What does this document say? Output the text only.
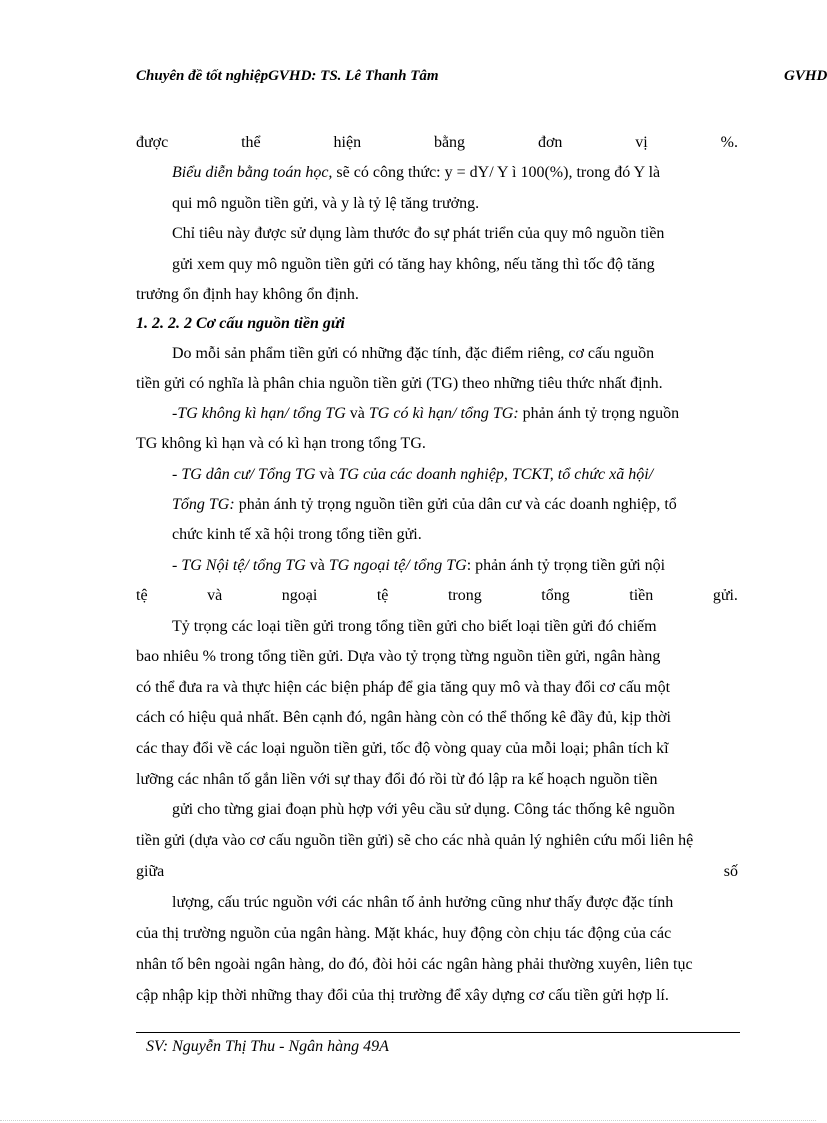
Chuyên đề tốt nghiệpGVHD: TS. Lê Thanh Tâm	GVHD
được	thể	hiện	bằng	đơn	vị	%.
Biểu diễn bằng toán học, sẽ có công thức: y = dY/ Y ì 100(%), trong đó Y là
qui mô nguồn tiền gửi, và y là tỷ lệ tăng trưởng.
Chỉ tiêu này được sử dụng làm thước đo sự phát triển của quy mô nguồn tiền
gửi xem quy mô nguồn tiền gửi có tăng hay không, nếu tăng thì tốc độ tăng
trưởng ổn định hay không ổn định.
1. 2. 2. 2 Cơ cấu nguồn tiền gửi
Do mỗi sản phẩm tiền gửi có những đặc tính, đặc điểm riêng, cơ cấu nguồn
tiền gửi có nghĩa là phân chia nguồn tiền gửi (TG) theo những tiêu thức nhất định.
-TG không kì hạn/ tổng TG và TG có kì hạn/ tổng TG: phản ánh tỷ trọng nguồn
TG không kì hạn và có kì hạn trong tổng TG.
- TG dân cư/ Tổng TG và TG của các doanh nghiệp, TCKT, tổ chức xã hội/
Tổng TG: phản ánh tỷ trọng nguồn tiền gửi của dân cư và các doanh nghiệp, tổ
chức kinh tế xã hội trong tổng tiền gửi.
- TG Nội tệ/ tổng TG và TG ngoại tệ/ tổng TG: phản ánh tỷ trọng tiền gửi nội
tệ	và	ngoại	tệ	trong	tổng	tiền	gửi.
Tỷ trọng các loại tiền gửi trong tổng tiền gửi cho biết loại tiền gửi đó chiếm
bao nhiêu % trong tổng tiền gửi. Dựa vào tỷ trọng từng nguồn tiền gửi, ngân hàng
có thể đưa ra và thực hiện các biện pháp để gia tăng quy mô và thay đổi cơ cấu một
cách có hiệu quả nhất. Bên cạnh đó, ngân hàng còn có thể thống kê đầy đủ, kịp thời
các thay đổi về các loại nguồn tiền gửi, tốc độ vòng quay của mỗi loại; phân tích kĩ
lưỡng các nhân tố gắn liền với sự thay đổi đó rồi từ đó lập ra kế hoạch nguồn tiền
gửi cho từng giai đoạn phù hợp với yêu cầu sử dụng. Công tác thống kê nguồn
tiền gửi (dựa vào cơ cấu nguồn tiền gửi) sẽ cho các nhà quản lý nghiên cứu mối liên hệ
giữa	số
lượng, cấu trúc nguồn với các nhân tố ảnh hưởng cũng như thấy được đặc tính
của thị trường nguồn của ngân hàng. Mặt khác, huy động còn chịu tác động của các
nhân tố bên ngoài ngân hàng, do đó, đòi hỏi các ngân hàng phải thường xuyên, liên tục
cập nhập kịp thời những thay đổi của thị trường để xây dựng cơ cấu tiền gửi hợp lí.
SV: Nguyễn Thị Thu - Ngân hàng 49A
